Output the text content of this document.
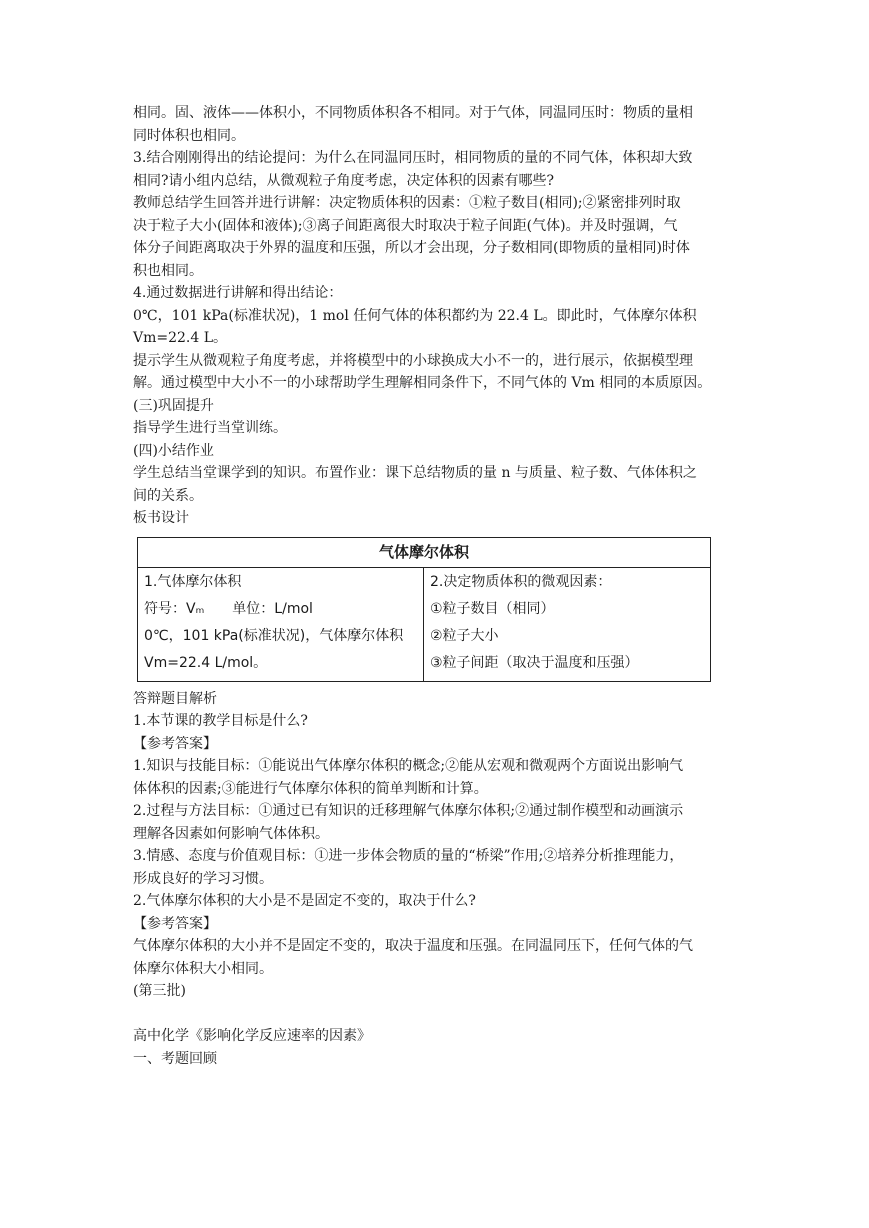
相同。固、液体——体积小，不同物质体积各不相同。对于气体，同温同压时：物质的量相

同时体积也相同。

3.结合刚刚得出的结论提问：为什么在同温同压时，相同物质的量的不同气体，体积却大致

相同?请小组内总结，从微观粒子角度考虑，决定体积的因素有哪些?

教师总结学生回答并进行讲解：决定物质体积的因素：①粒子数目(相同);②紧密排列时取

决于粒子大小(固体和液体);③离子间距离很大时取决于粒子间距(气体)。并及时强调，气

体分子间距离取决于外界的温度和压强，所以才会出现，分子数相同(即物质的量相同)时体

积也相同。

4.通过数据进行讲解和得出结论：

0℃，101 kPa(标准状况)，1 mol 任何气体的体积都约为 22.4 L。即此时，气体摩尔体积

Vm=22.4 L。

提示学生从微观粒子角度考虑，并将模型中的小球换成大小不一的，进行展示，依据模型理

解。通过模型中大小不一的小球帮助学生理解相同条件下，不同气体的 Vm 相同的本质原因。

(三)巩固提升

指导学生进行当堂训练。

(四)小结作业

学生总结当堂课学到的知识。布置作业：课下总结物质的量 n 与质量、粒子数、气体体积之

间的关系。

板书设计

气体摩尔体积
1.气体摩尔体积
符号：Vₘ　　单位：L/mol
0℃，101 kPa(标准状况)，气体摩尔体积
Vm=22.4 L/mol。
2.决定物质体积的微观因素：
①粒子数目（相同）
②粒子大小
③粒子间距（取决于温度和压强）

答辩题目解析

1.本节课的教学目标是什么?

【参考答案】

1.知识与技能目标：①能说出气体摩尔体积的概念;②能从宏观和微观两个方面说出影响气

体体积的因素;③能进行气体摩尔体积的简单判断和计算。

2.过程与方法目标：①通过已有知识的迁移理解气体摩尔体积;②通过制作模型和动画演示

理解各因素如何影响气体体积。

3.情感、态度与价值观目标：①进一步体会物质的量的“桥梁”作用;②培养分析推理能力，

形成良好的学习习惯。

2.气体摩尔体积的大小是不是固定不变的，取决于什么?

【参考答案】

气体摩尔体积的大小并不是固定不变的，取决于温度和压强。在同温同压下，任何气体的气

体摩尔体积大小相同。

(第三批)

高中化学《影响化学反应速率的因素》

一、考题回顾
